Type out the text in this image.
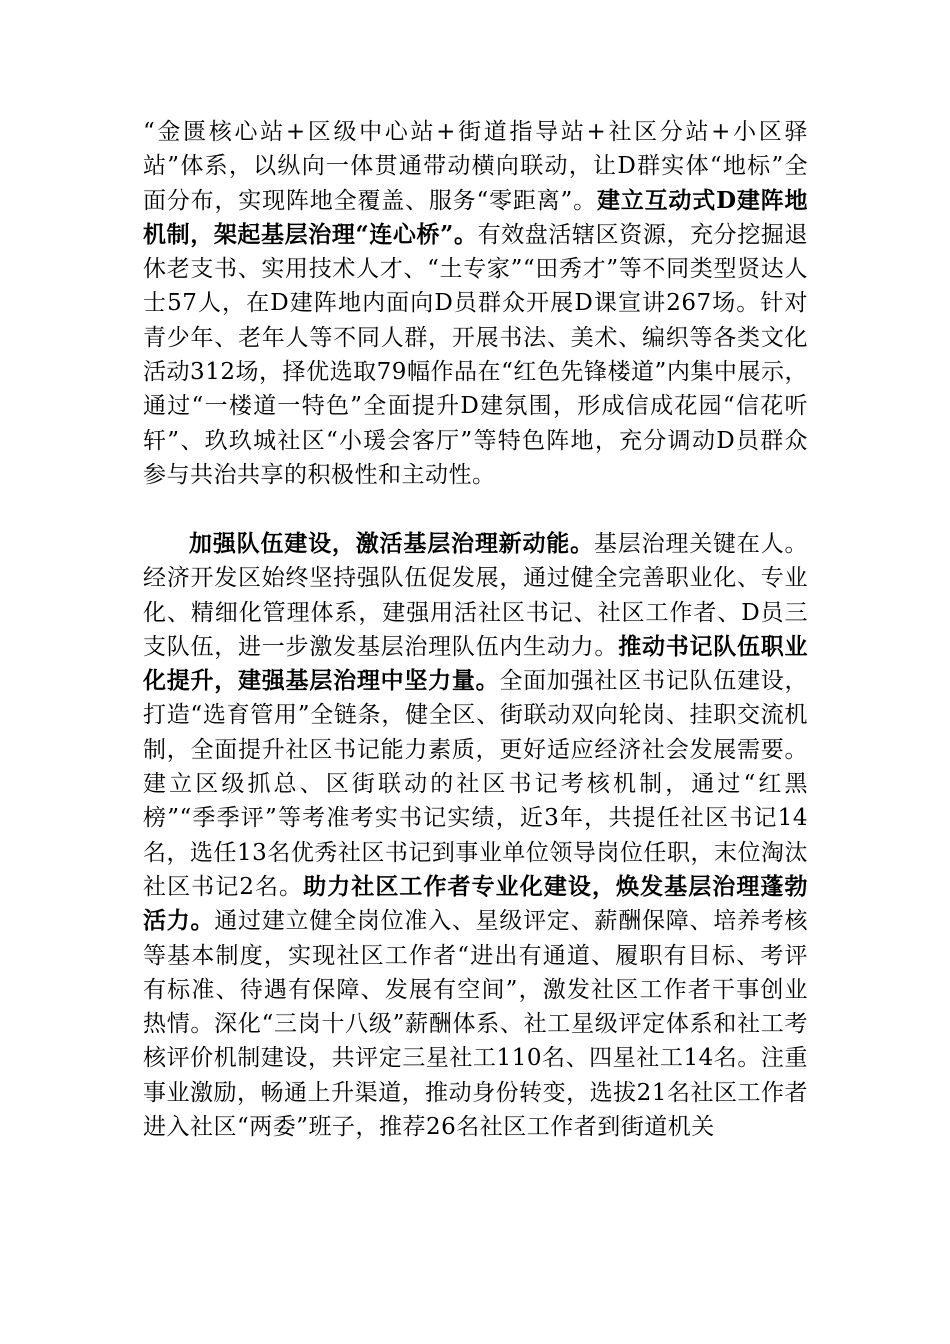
“金匮核心站+区级中心站+街道指导站+社区分站+小区驿站”体系，以纵向一体贯通带动横向联动，让D群实体“地标”全面分布，实现阵地全覆盖、服务“零距离”。建立互动式D建阵地机制，架起基层治理“连心桥”。有效盘活辖区资源，充分挖掘退休老支书、实用技术人才、“土专家”“田秀才”等不同类型贤达人士57人，在D建阵地内面向D员群众开展D课宣讲267场。针对青少年、老年人等不同人群，开展书法、美术、编织等各类文化活动312场，择优选取79幅作品在“红色先锋楼道”内集中展示，通过“一楼道一特色”全面提升D建氛围，形成信成花园“信花听轩”、玖玖城社区“小瑗会客厅”等特色阵地，充分调动D员群众参与共治共享的积极性和主动性。

加强队伍建设，激活基层治理新动能。基层治理关键在人。经济开发区始终坚持强队伍促发展，通过健全完善职业化、专业化、精细化管理体系，建强用活社区书记、社区工作者、D员三支队伍，进一步激发基层治理队伍内生动力。推动书记队伍职业化提升，建强基层治理中坚力量。全面加强社区书记队伍建设，打造“选育管用”全链条，健全区、街联动双向轮岗、挂职交流机制，全面提升社区书记能力素质，更好适应经济社会发展需要。建立区级抓总、区街联动的社区书记考核机制，通过“红黑榜”“季季评”等考准考实书记实绩，近3年，共提任社区书记14名，选任13名优秀社区书记到事业单位领导岗位任职，末位淘汰社区书记2名。助力社区工作者专业化建设，焕发基层治理蓬勃活力。通过建立健全岗位准入、星级评定、薪酬保障、培养考核等基本制度，实现社区工作者“进出有通道、履职有目标、考评有标准、待遇有保障、发展有空间”，激发社区工作者干事创业热情。深化“三岗十八级”薪酬体系、社工星级评定体系和社工考核评价机制建设，共评定三星社工110名、四星社工14名。注重事业激励，畅通上升渠道，推动身份转变，选拔21名社区工作者进入社区“两委”班子，推荐26名社区工作者到街道机关
